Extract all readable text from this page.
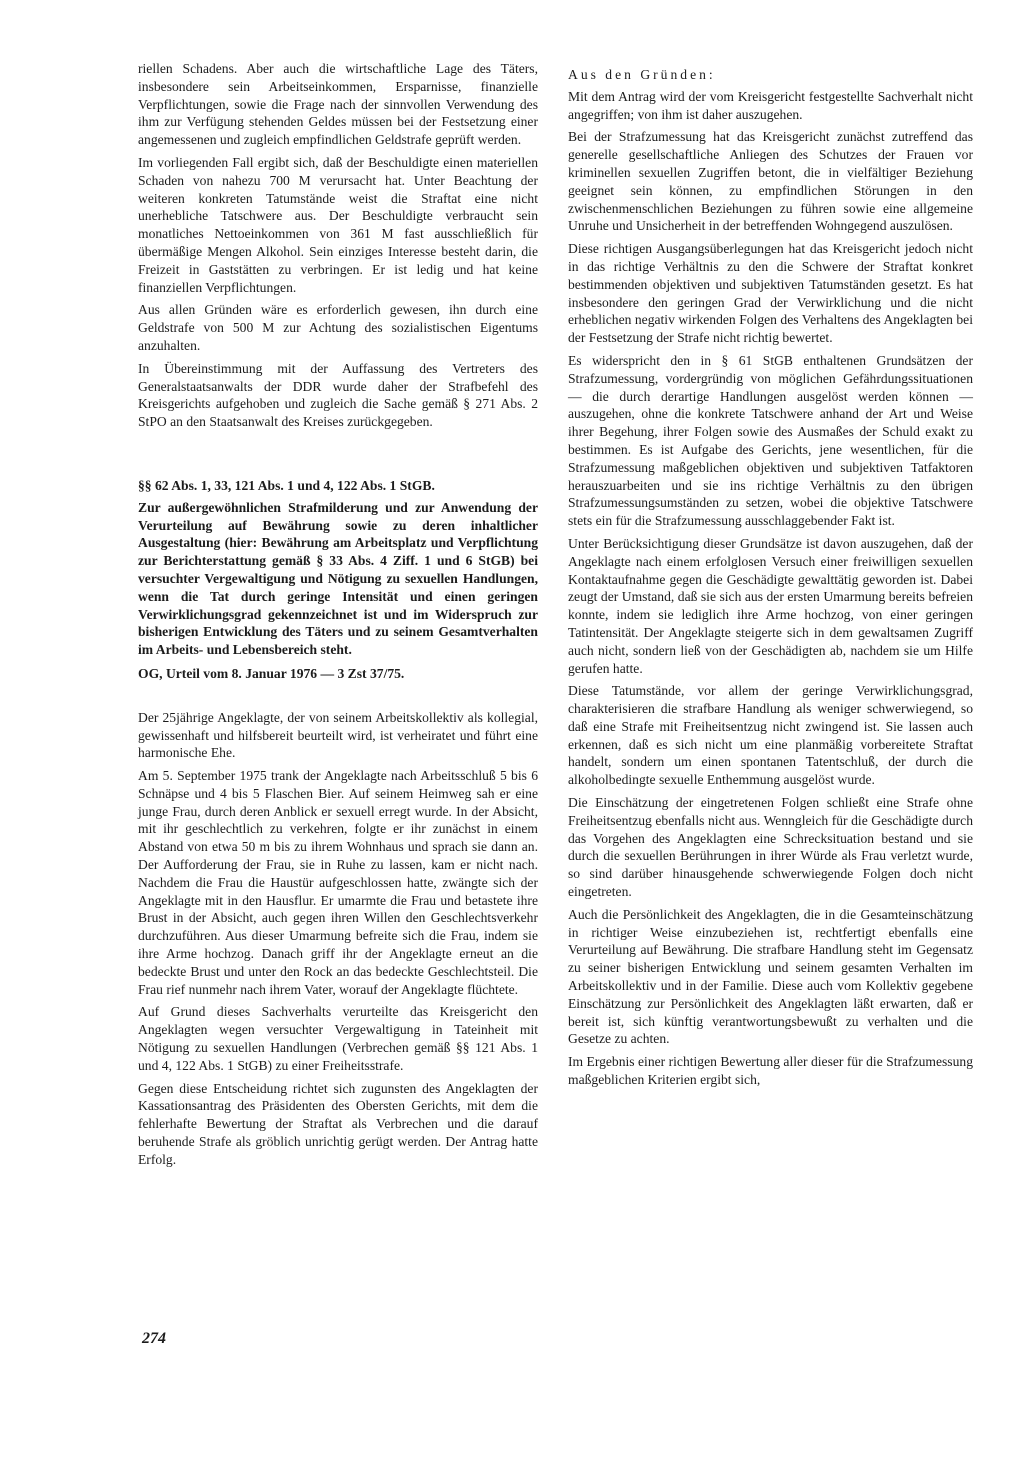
riellen Schadens. Aber auch die wirtschaftliche Lage des Täters, insbesondere sein Arbeitseinkommen, Ersparnisse, finanzielle Verpflichtungen, sowie die Frage nach der sinnvollen Verwendung des ihm zur Verfügung stehenden Geldes müssen bei der Festsetzung einer angemessenen und zugleich empfindlichen Geldstrafe geprüft werden.

Im vorliegenden Fall ergibt sich, daß der Beschuldigte einen materiellen Schaden von nahezu 700 M verursacht hat. Unter Beachtung der weiteren konkreten Tatumstände weist die Straftat eine nicht unerhebliche Tatschwere aus. Der Beschuldigte verbraucht sein monatliches Nettoeinkommen von 361 M fast ausschließlich für übermäßige Mengen Alkohol. Sein einziges Interesse besteht darin, die Freizeit in Gaststätten zu verbringen. Er ist ledig und hat keine finanziellen Verpflichtungen.

Aus allen Gründen wäre es erforderlich gewesen, ihn durch eine Geldstrafe von 500 M zur Achtung des sozialistischen Eigentums anzuhalten.

In Übereinstimmung mit der Auffassung des Vertreters des Generalstaatsanwalts der DDR wurde daher der Strafbefehl des Kreisgerichts aufgehoben und zugleich die Sache gemäß § 271 Abs. 2 StPO an den Staatsanwalt des Kreises zurückgegeben.

§§ 62 Abs. 1, 33, 121 Abs. 1 und 4, 122 Abs. 1 StGB.

Zur außergewöhnlichen Strafmilderung und zur Anwendung der Verurteilung auf Bewährung sowie zu deren inhaltlicher Ausgestaltung (hier: Bewährung am Arbeitsplatz und Verpflichtung zur Berichterstattung gemäß § 33 Abs. 4 Ziff. 1 und 6 StGB) bei versuchter Vergewaltigung und Nötigung zu sexuellen Handlungen, wenn die Tat durch geringe Intensität und einen geringen Verwirklichungsgrad gekennzeichnet ist und im Widerspruch zur bisherigen Entwicklung des Täters und zu seinem Gesamtverhalten im Arbeits- und Lebensbereich steht.

OG, Urteil vom 8. Januar 1976 — 3 Zst 37/75.

Der 25jährige Angeklagte, der von seinem Arbeitskollektiv als kollegial, gewissenhaft und hilfsbereit beurteilt wird, ist verheiratet und führt eine harmonische Ehe.

Am 5. September 1975 trank der Angeklagte nach Arbeitsschluß 5 bis 6 Schnäpse und 4 bis 5 Flaschen Bier. Auf seinem Heimweg sah er eine junge Frau, durch deren Anblick er sexuell erregt wurde. In der Absicht, mit ihr geschlechtlich zu verkehren, folgte er ihr zunächst in einem Abstand von etwa 50 m bis zu ihrem Wohnhaus und sprach sie dann an. Der Aufforderung der Frau, sie in Ruhe zu lassen, kam er nicht nach. Nachdem die Frau die Haustür aufgeschlossen hatte, zwängte sich der Angeklagte mit in den Hausflur. Er umarmte die Frau und betastete ihre Brust in der Absicht, auch gegen ihren Willen den Geschlechtsverkehr durchzuführen. Aus dieser Umarmung befreite sich die Frau, indem sie ihre Arme hochzog. Danach griff ihr der Angeklagte erneut an die bedeckte Brust und unter den Rock an das bedeckte Geschlechtsteil. Die Frau rief nunmehr nach ihrem Vater, worauf der Angeklagte flüchtete.

Auf Grund dieses Sachverhalts verurteilte das Kreisgericht den Angeklagten wegen versuchter Vergewaltigung in Tateinheit mit Nötigung zu sexuellen Handlungen (Verbrechen gemäß §§ 121 Abs. 1 und 4, 122 Abs. 1 StGB) zu einer Freiheitsstrafe.

Gegen diese Entscheidung richtet sich zugunsten des Angeklagten der Kassationsantrag des Präsidenten des Obersten Gerichts, mit dem die fehlerhafte Bewertung der Straftat als Verbrechen und die darauf beruhende Strafe als gröblich unrichtig gerügt werden. Der Antrag hatte Erfolg.

Aus den Gründen:

Mit dem Antrag wird der vom Kreisgericht festgestellte Sachverhalt nicht angegriffen; von ihm ist daher auszugehen.

Bei der Strafzumessung hat das Kreisgericht zunächst zutreffend das generelle gesellschaftliche Anliegen des Schutzes der Frauen vor kriminellen sexuellen Zugriffen betont, die in vielfältiger Beziehung geeignet sein können, zu empfindlichen Störungen in den zwischenmenschlichen Beziehungen zu führen sowie eine allgemeine Unruhe und Unsicherheit in der betreffenden Wohngegend auszulösen.

Diese richtigen Ausgangsüberlegungen hat das Kreisgericht jedoch nicht in das richtige Verhältnis zu den die Schwere der Straftat konkret bestimmenden objektiven und subjektiven Tatumständen gesetzt. Es hat insbesondere den geringen Grad der Verwirklichung und die nicht erheblichen negativ wirkenden Folgen des Verhaltens des Angeklagten bei der Festsetzung der Strafe nicht richtig bewertet.

Es widerspricht den in § 61 StGB enthaltenen Grundsätzen der Strafzumessung, vordergründig von möglichen Gefährdungssituationen — die durch derartige Handlungen ausgelöst werden können — auszugehen, ohne die konkrete Tatschwere anhand der Art und Weise ihrer Begehung, ihrer Folgen sowie des Ausmaßes der Schuld exakt zu bestimmen. Es ist Aufgabe des Gerichts, jene wesentlichen, für die Strafzumessung maßgeblichen objektiven und subjektiven Tatfaktoren herauszuarbeiten und sie ins richtige Verhältnis zu den übrigen Strafzumessungsumständen zu setzen, wobei die objektive Tatschwere stets ein für die Strafzumessung ausschlaggebender Fakt ist.

Unter Berücksichtigung dieser Grundsätze ist davon auszugehen, daß der Angeklagte nach einem erfolglosen Versuch einer freiwilligen sexuellen Kontaktaufnahme gegen die Geschädigte gewalttätig geworden ist. Dabei zeugt der Umstand, daß sie sich aus der ersten Umarmung bereits befreien konnte, indem sie lediglich ihre Arme hochzog, von einer geringen Tatintensität. Der Angeklagte steigerte sich in dem gewaltsamen Zugriff auch nicht, sondern ließ von der Geschädigten ab, nachdem sie um Hilfe gerufen hatte.

Diese Tatumstände, vor allem der geringe Verwirklichungsgrad, charakterisieren die strafbare Handlung als weniger schwerwiegend, so daß eine Strafe mit Freiheitsentzug nicht zwingend ist. Sie lassen auch erkennen, daß es sich nicht um eine planmäßig vorbereitete Straftat handelt, sondern um einen spontanen Tatentschluß, der durch die alkoholbedingte sexuelle Enthemmung ausgelöst wurde.

Die Einschätzung der eingetretenen Folgen schließt eine Strafe ohne Freiheitsentzug ebenfalls nicht aus. Wenngleich für die Geschädigte durch das Vorgehen des Angeklagten eine Schrecksituation bestand und sie durch die sexuellen Berührungen in ihrer Würde als Frau verletzt wurde, so sind darüber hinausgehende schwerwiegende Folgen doch nicht eingetreten.

Auch die Persönlichkeit des Angeklagten, die in die Gesamteinschätzung in richtiger Weise einzubeziehen ist, rechtfertigt ebenfalls eine Verurteilung auf Bewährung. Die strafbare Handlung steht im Gegensatz zu seiner bisherigen Entwicklung und seinem gesamten Verhalten im Arbeitskollektiv und in der Familie. Diese auch vom Kollektiv gegebene Einschätzung zur Persönlichkeit des Angeklagten läßt erwarten, daß er bereit ist, sich künftig verantwortungsbewußt zu verhalten und die Gesetze zu achten.

Im Ergebnis einer richtigen Bewertung aller dieser für die Strafzumessung maßgeblichen Kriterien ergibt sich,

274
